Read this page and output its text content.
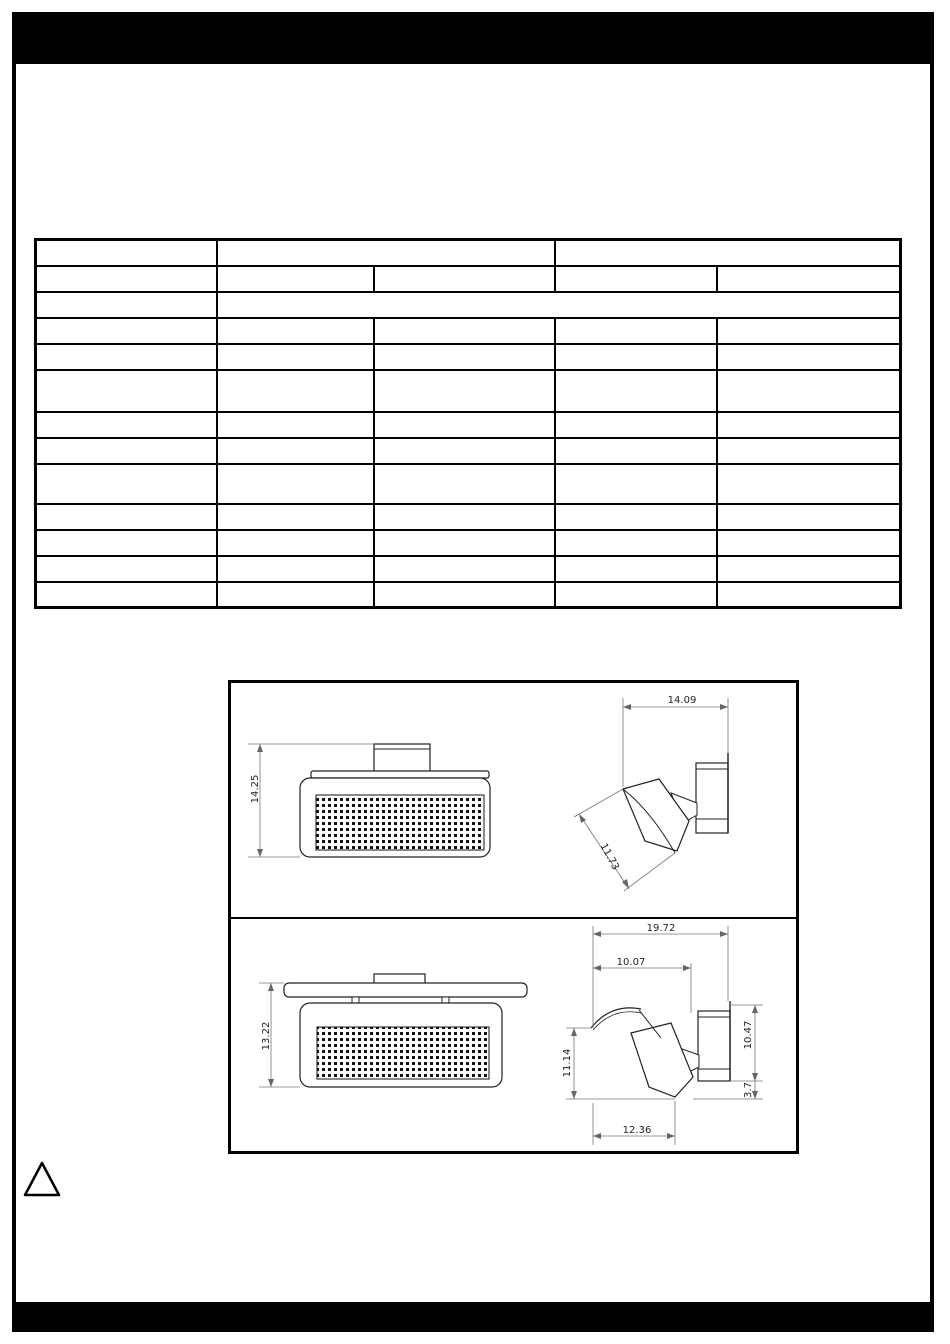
14.25
14.09
11.73
13.22
19.72
10.07
11.14
10.47
3.7
12.36
